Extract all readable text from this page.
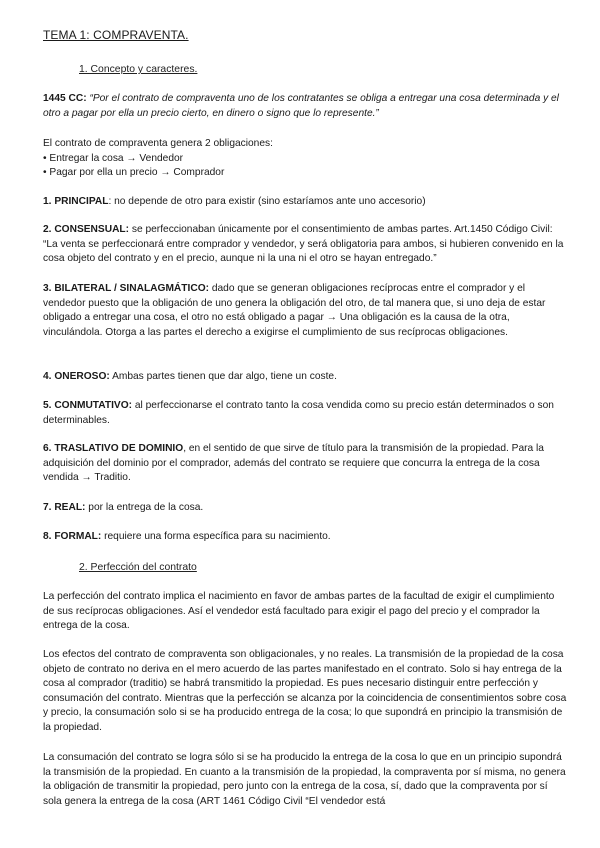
TEMA 1: COMPRAVENTA.
1. Concepto y caracteres.

1445 CC: “Por el contrato de compraventa uno de los contratantes se obliga a entregar una cosa determinada y el otro a pagar por ella un precio cierto, en dinero o signo que lo represente.”

El contrato de compraventa genera 2 obligaciones:
• Entregar la cosa → Vendedor
• Pagar por ella un precio → Comprador

1. PRINCIPAL: no depende de otro para existir (sino estaríamos ante uno accesorio)

2. CONSENSUAL: se perfeccionaban únicamente por el consentimiento de ambas partes. Art.1450 Código Civil: “La venta se perfeccionará entre comprador y vendedor, y será obligatoria para ambos, si hubieren convenido en la cosa objeto del contrato y en el precio, aunque ni la una ni el otro se hayan entregado.”

3. BILATERAL / SINALAGMÁTICO: dado que se generan obligaciones recíprocas entre el comprador y el vendedor puesto que la obligación de uno genera la obligación del otro, de tal manera que, si uno deja de estar obligado a entregar una cosa, el otro no está obligado a pagar → Una obligación es la causa de la otra, vinculándola. Otorga a las partes el derecho a exigirse el cumplimiento de sus recíprocas obligaciones.

4. ONEROSO: Ambas partes tienen que dar algo, tiene un coste.

5. CONMUTATIVO: al perfeccionarse el contrato tanto la cosa vendida como su precio están determinados o son determinables.

6. TRASLATIVO DE DOMINIO, en el sentido de que sirve de título para la transmisión de la propiedad. Para la adquisición del dominio por el comprador, además del contrato se requiere que concurra la entrega de la cosa vendida → Traditio.

7. REAL: por la entrega de la cosa.

8. FORMAL: requiere una forma específica para su nacimiento.

2. Perfección del contrato

La perfección del contrato implica el nacimiento en favor de ambas partes de la facultad de exigir el cumplimiento de sus recíprocas obligaciones. Así el vendedor está facultado para exigir el pago del precio y el comprador la entrega de la cosa.

Los efectos del contrato de compraventa son obligacionales, y no reales. La transmisión de la propiedad de la cosa objeto de contrato no deriva en el mero acuerdo de las partes manifestado en el contrato. Solo si hay entrega de la cosa al comprador (traditio) se habrá transmitido la propiedad. Es pues necesario distinguir entre perfección y consumación del contrato. Mientras que la perfección se alcanza por la coincidencia de consentimientos sobre cosa y precio, la consumación solo si se ha producido entrega de la cosa; lo que supondrá en principio la transmisión de la propiedad.

La consumación del contrato se logra sólo si se ha producido la entrega de la cosa lo que en un principio supondrá la transmisión de la propiedad. En cuanto a la transmisión de la propiedad, la compraventa por sí misma, no genera la obligación de transmitir la propiedad, pero junto con la entrega de la cosa, sí, dado que la compraventa por sí sola genera la entrega de la cosa (ART 1461 Código Civil “El vendedor está
